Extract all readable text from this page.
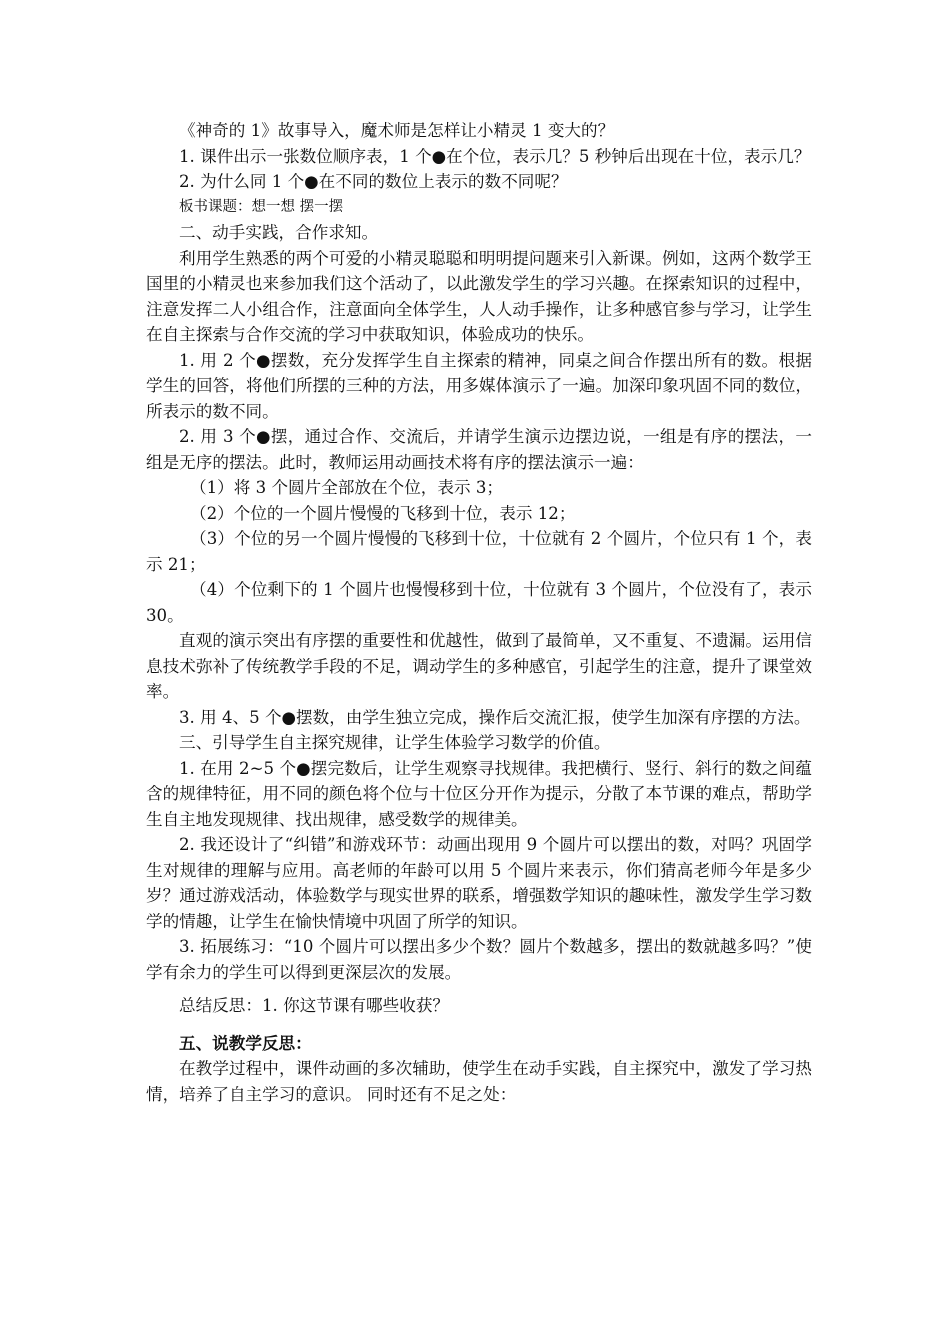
《神奇的 1》故事导入，魔术师是怎样让小精灵 1 变大的？

1. 课件出示一张数位顺序表，1 个●在个位，表示几？5 秒钟后出现在十位，表示几？

2. 为什么同 1 个●在不同的数位上表示的数不同呢？

板书课题：想一想 摆一摆

二、动手实践，合作求知。

利用学生熟悉的两个可爱的小精灵聪聪和明明提问题来引入新课。例如，这两个数学王国里的小精灵也来参加我们这个活动了，以此激发学生的学习兴趣。在探索知识的过程中，注意发挥二人小组合作，注意面向全体学生，人人动手操作，让多种感官参与学习，让学生在自主探索与合作交流的学习中获取知识，体验成功的快乐。

1. 用 2 个●摆数，充分发挥学生自主探索的精神，同桌之间合作摆出所有的数。根据学生的回答，将他们所摆的三种的方法，用多媒体演示了一遍。加深印象巩固不同的数位，所表示的数不同。

2. 用 3 个●摆，通过合作、交流后，并请学生演示边摆边说，一组是有序的摆法，一组是无序的摆法。此时，教师运用动画技术将有序的摆法演示一遍：

（1）将 3 个圆片全部放在个位，表示 3；

（2）个位的一个圆片慢慢的飞移到十位，表示 12；

（3）个位的另一个圆片慢慢的飞移到十位，十位就有 2 个圆片，个位只有 1 个，表示 21；

（4）个位剩下的 1 个圆片也慢慢移到十位，十位就有 3 个圆片，个位没有了，表示 30。

直观的演示突出有序摆的重要性和优越性，做到了最简单，又不重复、不遗漏。运用信息技术弥补了传统教学手段的不足，调动学生的多种感官，引起学生的注意，提升了课堂效率。

3. 用 4、5 个●摆数，由学生独立完成，操作后交流汇报，使学生加深有序摆的方法。

三、引导学生自主探究规律，让学生体验学习数学的价值。

1. 在用 2~5 个●摆完数后，让学生观察寻找规律。我把横行、竖行、斜行的数之间蕴含的规律特征，用不同的颜色将个位与十位区分开作为提示，分散了本节课的难点，帮助学生自主地发现规律、找出规律，感受数学的规律美。

2. 我还设计了“纠错”和游戏环节：动画出现用 9 个圆片可以摆出的数，对吗？巩固学生对规律的理解与应用。高老师的年龄可以用 5 个圆片来表示，你们猜高老师今年是多少岁？通过游戏活动，体验数学与现实世界的联系，增强数学知识的趣味性，激发学生学习数学的情趣，让学生在愉快情境中巩固了所学的知识。

3. 拓展练习：“10 个圆片可以摆出多少个数？圆片个数越多，摆出的数就越多吗？”使学有余力的学生可以得到更深层次的发展。

总结反思：1. 你这节课有哪些收获？

五、说教学反思：

在教学过程中，课件动画的多次辅助，使学生在动手实践，自主探究中，激发了学习热情，培养了自主学习的意识。 同时还有不足之处：
